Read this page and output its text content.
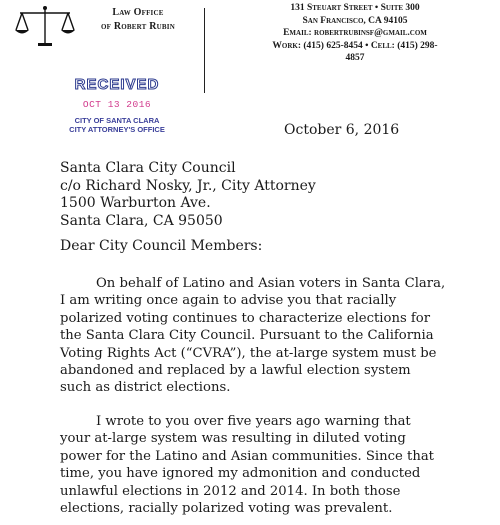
Law Office
of Robert Rubin
131 Steuart Street • Suite 300
San Francisco, CA 94105
Email: robertrubinsf@gmail.com
Work: (415) 625-8454 • Cell: (415) 298-
4857
RECEIVED
OCT 13 2016
CITY OF SANTA CLARA
CITY ATTORNEY'S OFFICE	October 6, 2016
Santa Clara City Council
c/o Richard Nosky, Jr., City Attorney
1500 Warburton Ave.
Santa Clara, CA 95050
Dear City Council Members:

On behalf of Latino and Asian voters in Santa Clara,
I am writing once again to advise you that racially
polarized voting continues to characterize elections for
the Santa Clara City Council. Pursuant to the California
Voting Rights Act (“CVRA”), the at-large system must be
abandoned and replaced by a lawful election system
such as district elections.

I wrote to you over five years ago warning that
your at-large system was resulting in diluted voting
power for the Latino and Asian communities. Since that
time, you have ignored my admonition and conducted
unlawful elections in 2012 and 2014. In both those
elections, racially polarized voting was prevalent.
